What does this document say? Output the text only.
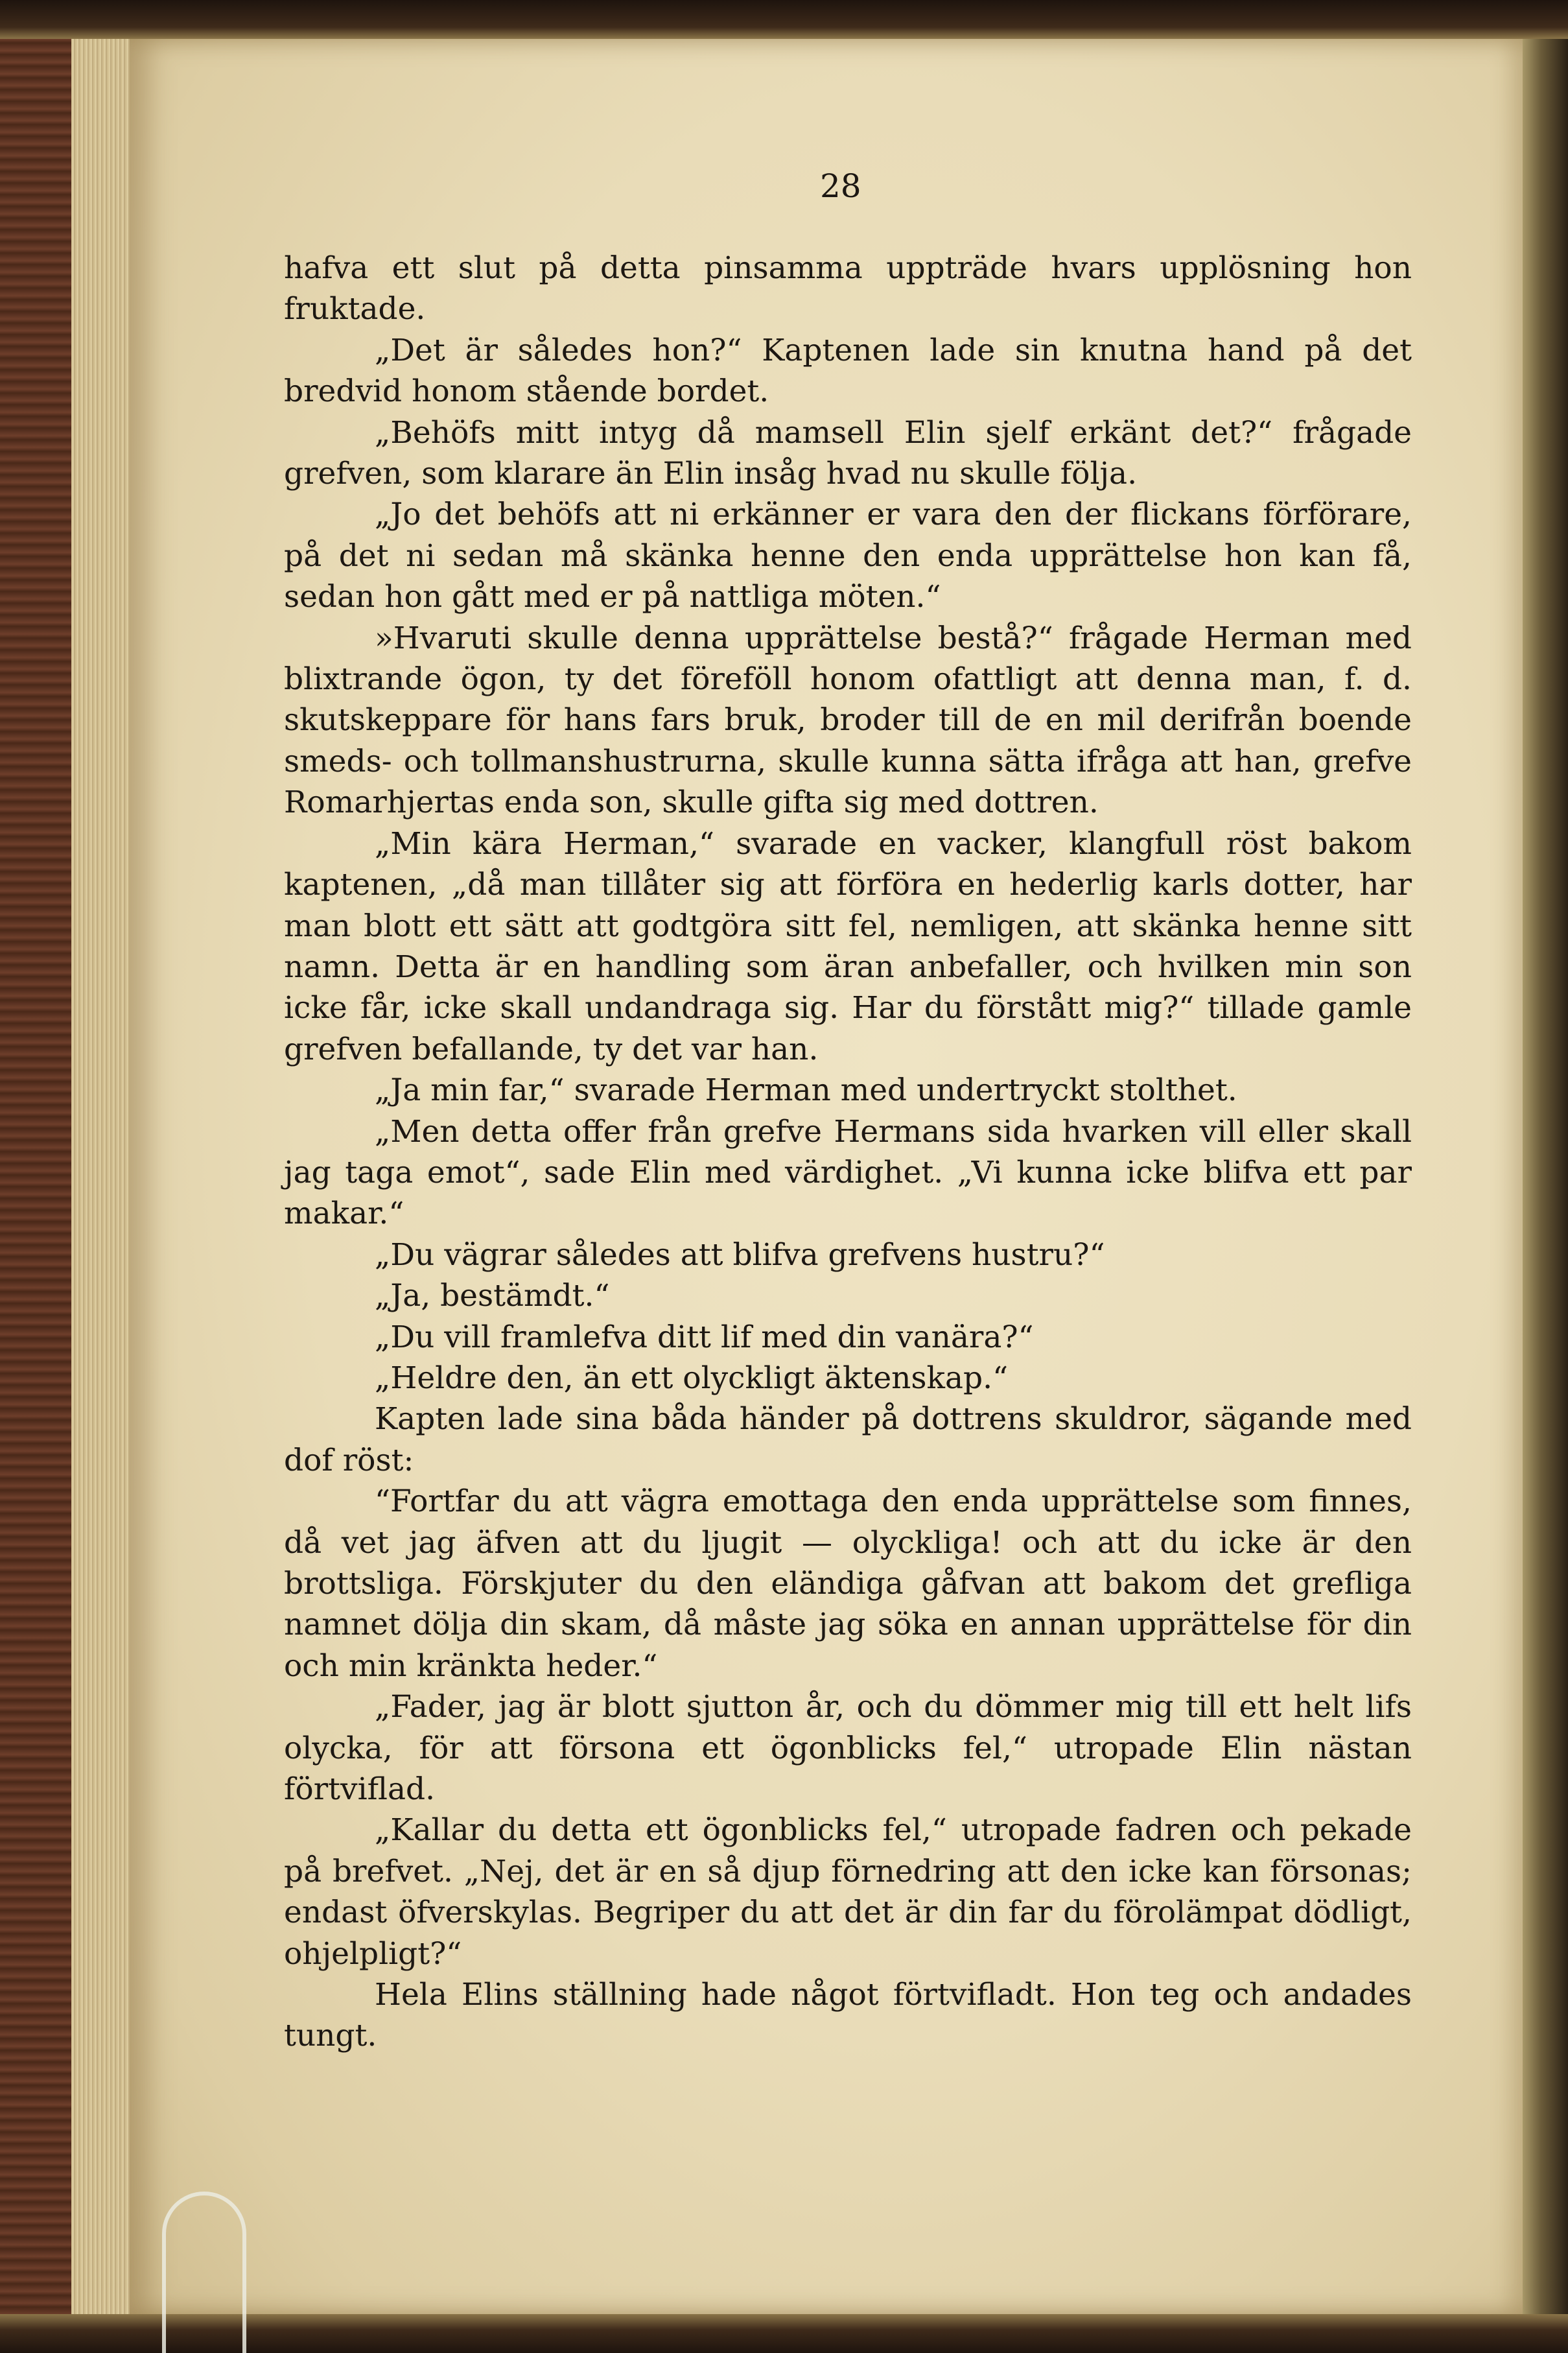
28

hafva ett slut på detta pinsamma uppträde hvars upplösning hon fruktade.

„Det är således hon?“ Kaptenen lade sin knutna hand på det bredvid honom stående bordet.

„Behöfs mitt intyg då mamsell Elin sjelf erkänt det?“ frågade grefven, som klarare än Elin insåg hvad nu skulle följa.

„Jo det behöfs att ni erkänner er vara den der flickans förförare, på det ni sedan må skänka henne den enda upprättelse hon kan få, sedan hon gått med er på nattliga möten.“

»Hvaruti skulle denna upprättelse bestå?“ frågade Herman med blixtrande ögon, ty det föreföll honom ofattligt att denna man, f. d. skutskeppare för hans fars bruk, broder till de en mil derifrån boende smeds- och tollmanshustrurna, skulle kunna sätta ifråga att han, grefve Romarhjertas enda son, skulle gifta sig med dottren.

„Min kära Herman,“ svarade en vacker, klangfull röst bakom kaptenen, „då man tillåter sig att förföra en hederlig karls dotter, har man blott ett sätt att godtgöra sitt fel, nemligen, att skänka henne sitt namn. Detta är en handling som äran anbefaller, och hvilken min son icke får, icke skall undandraga sig. Har du förstått mig?“ tillade gamle grefven befallande, ty det var han.

„Ja min far,“ svarade Herman med undertryckt stolthet.

„Men detta offer från grefve Hermans sida hvarken vill eller skall jag taga emot“, sade Elin med värdighet. „Vi kunna icke blifva ett par makar.“

„Du vägrar således att blifva grefvens hustru?“

„Ja, bestämdt.“

„Du vill framlefva ditt lif med din vanära?“

„Heldre den, än ett olyckligt äktenskap.“

Kapten lade sina båda händer på dottrens skuldror, sägande med dof röst:

“Fortfar du att vägra emottaga den enda upprättelse som finnes, då vet jag äfven att du ljugit — olyckliga! och att du icke är den brottsliga. Förskjuter du den eländiga gåfvan att bakom det grefliga namnet dölja din skam, då måste jag söka en annan upprättelse för din och min kränkta heder.“

„Fader, jag är blott sjutton år, och du dömmer mig till ett helt lifs olycka, för att försona ett ögonblicks fel,“ utropade Elin nästan förtviflad.

„Kallar du detta ett ögonblicks fel,“ utropade fadren och pekade på brefvet. „Nej, det är en så djup förnedring att den icke kan försonas; endast öfverskylas. Begriper du att det är din far du förolämpat dödligt, ohjelpligt?“

Hela Elins ställning hade något förtvifladt. Hon teg och andades tungt.
